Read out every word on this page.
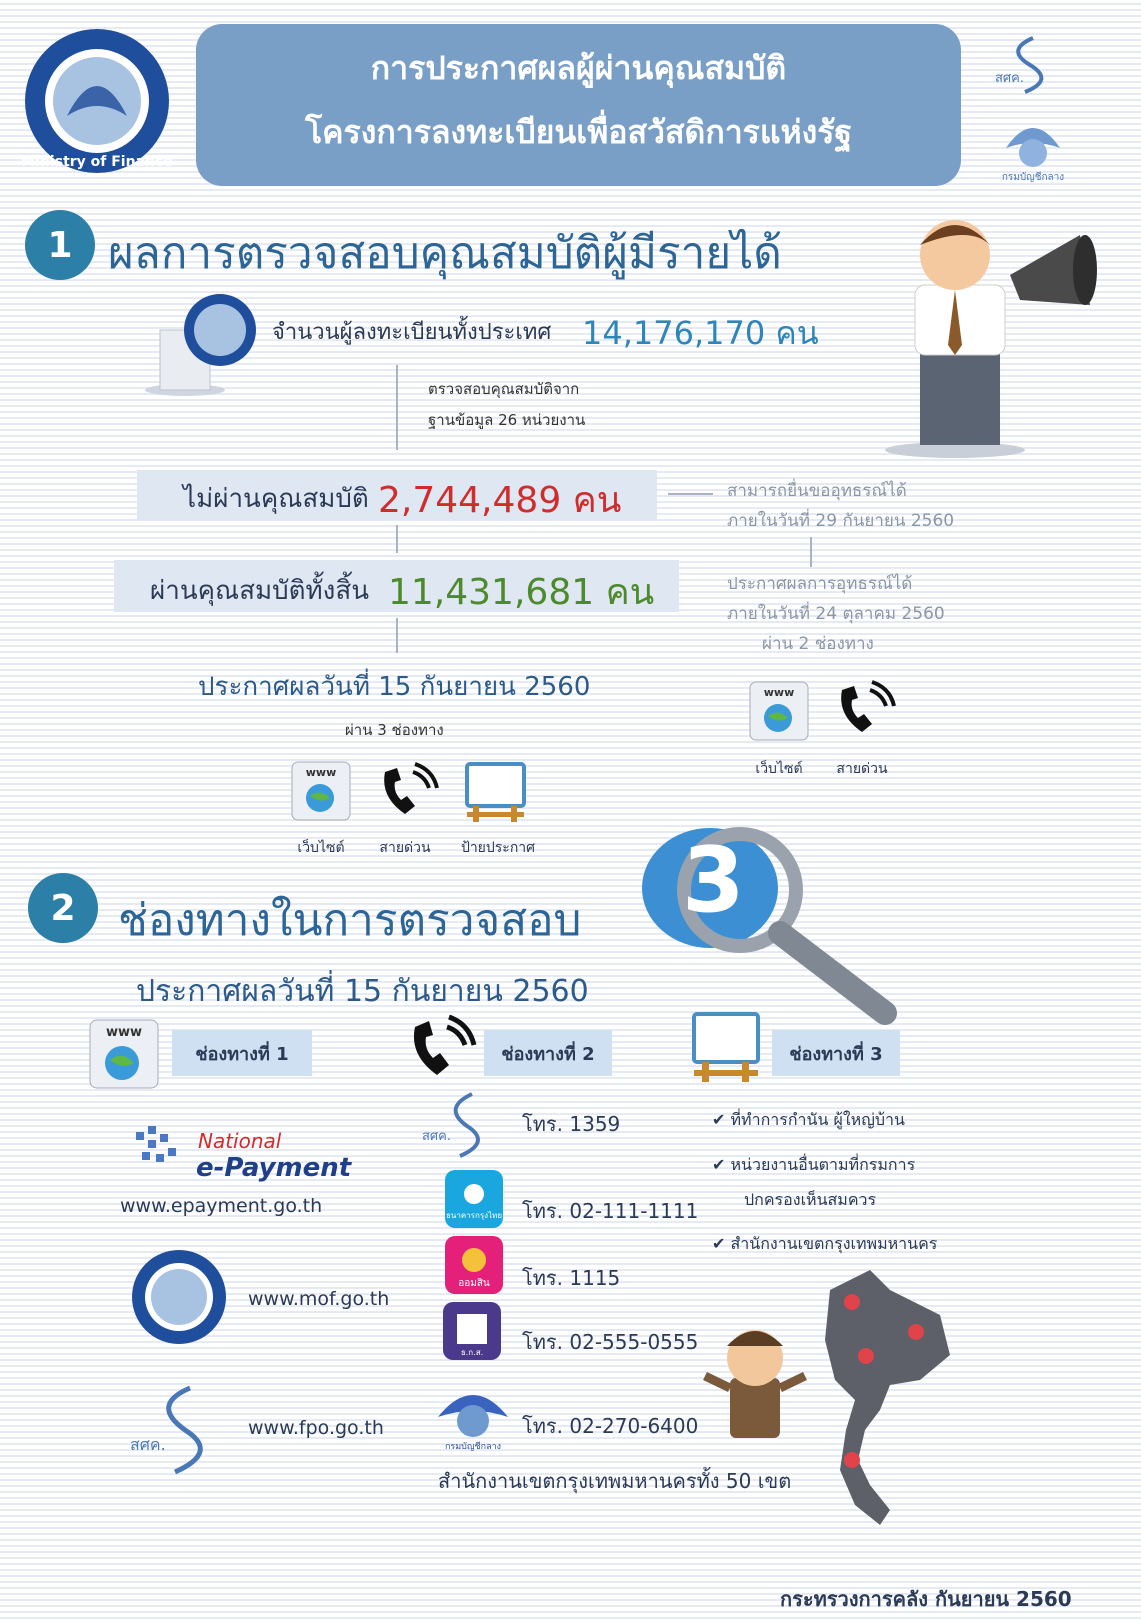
Ministry of Finance
การประกาศผลผู้ผ่านคุณสมบัติ
โครงการลงทะเบียนเพื่อสวัสดิการแห่งรัฐ
สศค.
กรมบัญชีกลาง
1 ผลการตรวจสอบคุณสมบัติผู้มีรายได้
จำนวนผู้ลงทะเบียนทั้งประเทศ 14,176,170 คน
ตรวจสอบคุณสมบัติจาก
ฐานข้อมูล 26 หน่วยงาน
ไม่ผ่านคุณสมบัติ 2,744,489 คน	สามารถยื่นขออุทธรณ์ได้
ภายในวันที่ 29 กันยายน 2560
ประกาศผลการอุทธรณ์ได้
ภายในวันที่ 24 ตุลาคม 2560
ผ่าน 2 ช่องทาง
ผ่านคุณสมบัติทั้งสิ้น 11,431,681 คน
ประกาศผลวันที่ 15 กันยายน 2560
ผ่าน 3 ช่องทาง
www
เว็บไซต์	สายด่วน	ป้ายประกาศ
www
เว็บไซต์	สายด่วน
2 ช่องทางในการตรวจสอบ 3
ประกาศผลวันที่ 15 กันยายน 2560
www
ช่องทางที่ 1	ช่องทางที่ 2	ช่องทางที่ 3
National
e-Payment
www.epayment.go.th
www.mof.go.th
สศค.
www.fpo.go.th
สศค.
โทร. 1359
ธนาคารกรุงไทย โทร. 02-111-1111
ออมสิน โทร. 1115
ธ.ก.ส. โทร. 02-555-0555
กรมบัญชีกลาง
โทร. 02-270-6400
สำนักงานเขตกรุงเทพมหานครทั้ง 50 เขต
✔ ที่ทำการกำนัน ผู้ใหญ่บ้าน
✔ หน่วยงานอื่นตามที่กรมการ
ปกครองเห็นสมควร
✔ สำนักงานเขตกรุงเทพมหานคร
กระทรวงการคลัง กันยายน 2560
